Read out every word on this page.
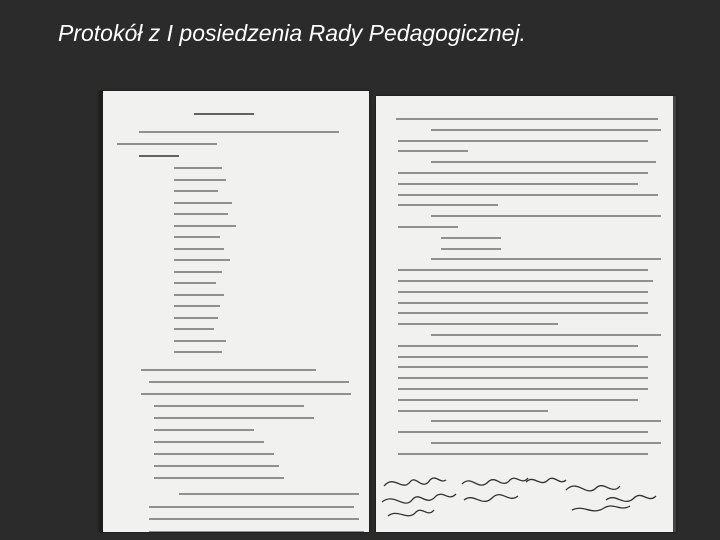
Protokół z I posiedzenia Rady Pedagogicznej.
